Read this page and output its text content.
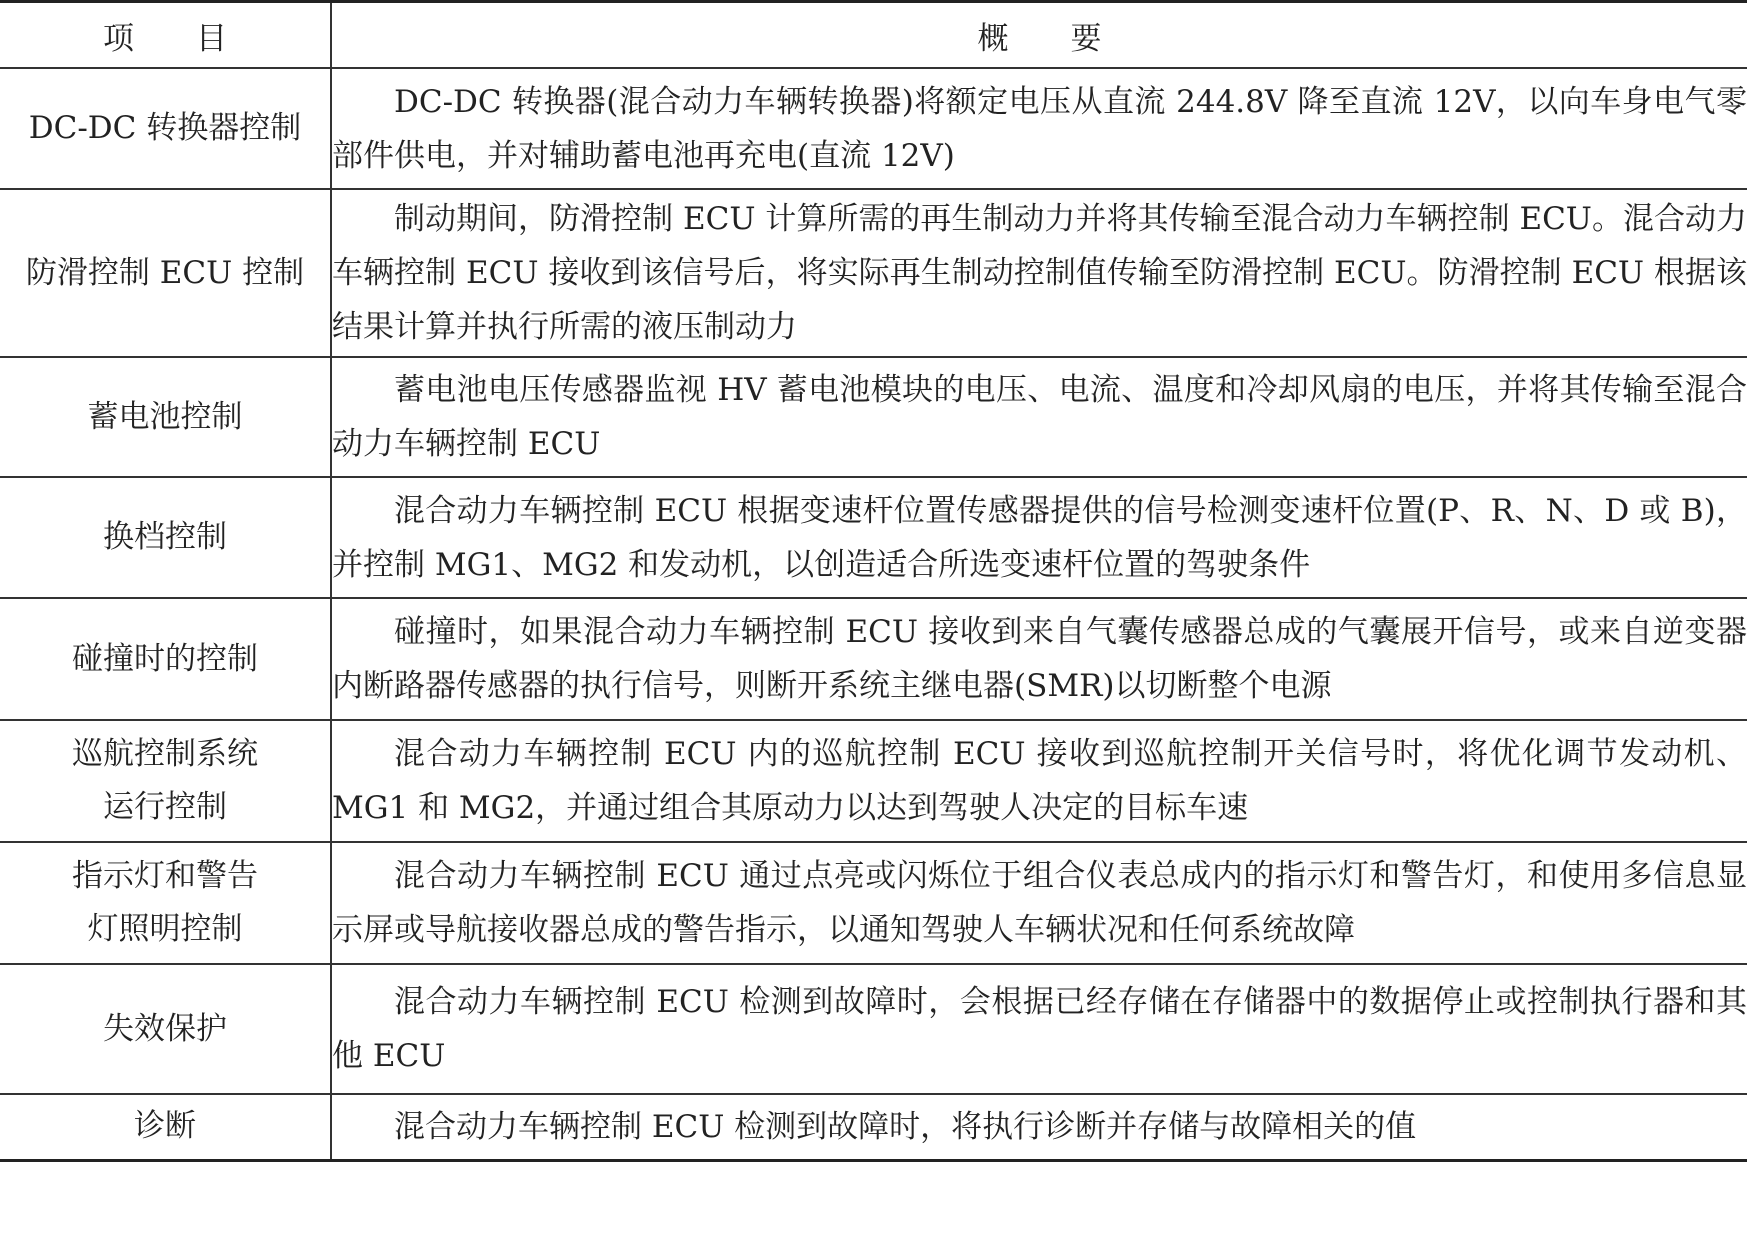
项　　目	概　　要

DC-DC 转换器控制	DC-DC 转换器(混合动力车辆转换器)将额定电压从直流 244.8V 降至直流 12V，以向车身电气零部件供电，并对辅助蓄电池再充电(直流 12V)

防滑控制 ECU 控制	制动期间，防滑控制 ECU 计算所需的再生制动力并将其传输至混合动力车辆控制 ECU。混合动力车辆控制 ECU 接收到该信号后，将实际再生制动控制值传输至防滑控制 ECU。防滑控制 ECU 根据该结果计算并执行所需的液压制动力

蓄电池控制	蓄电池电压传感器监视 HV 蓄电池模块的电压、电流、温度和冷却风扇的电压，并将其传输至混合动力车辆控制 ECU

换档控制	混合动力车辆控制 ECU 根据变速杆位置传感器提供的信号检测变速杆位置(P、R、N、D 或 B)，并控制 MG1、MG2 和发动机，以创造适合所选变速杆位置的驾驶条件

碰撞时的控制	碰撞时，如果混合动力车辆控制 ECU 接收到来自气囊传感器总成的气囊展开信号，或来自逆变器内断路器传感器的执行信号，则断开系统主继电器(SMR)以切断整个电源

巡航控制系统
运行控制	混合动力车辆控制 ECU 内的巡航控制 ECU 接收到巡航控制开关信号时，将优化调节发动机、MG1 和 MG2，并通过组合其原动力以达到驾驶人决定的目标车速

指示灯和警告
灯照明控制	混合动力车辆控制 ECU 通过点亮或闪烁位于组合仪表总成内的指示灯和警告灯，和使用多信息显示屏或导航接收器总成的警告指示，以通知驾驶人车辆状况和任何系统故障

失效保护	混合动力车辆控制 ECU 检测到故障时，会根据已经存储在存储器中的数据停止或控制执行器和其他 ECU

诊断	混合动力车辆控制 ECU 检测到故障时，将执行诊断并存储与故障相关的值
